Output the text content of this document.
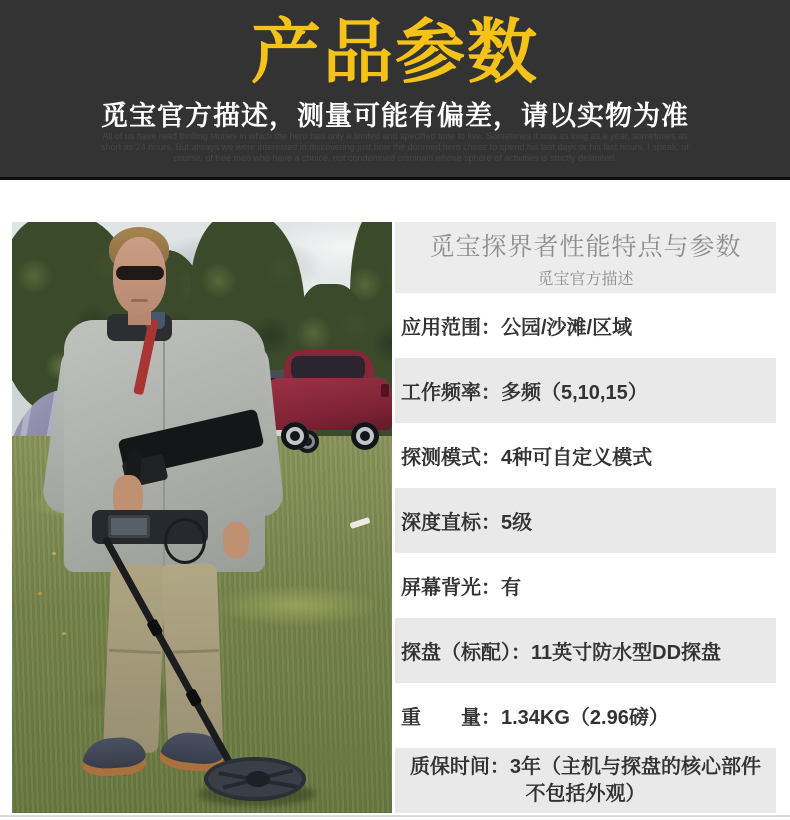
产品参数
觅宝官方描述，测量可能有偏差，请以实物为准
All of us have read thrilling stories in which the hero had only a limited and specified time to live. Sometimes it was as long as a year, sometimes as short as 24 hours. But always we were interested in discovering just how the doomed hero chose to spend his last days or his last hours. I speak, of course, of free men who have a choice, not condemned criminals whose sphere of activities is strictly delimited.
觅宝探界者性能特点与参数
觅宝官方描述
应用范围：公园/沙滩/区域
工作频率：多频（5,10,15）
探测模式：4种可自定义模式
深度直标：5级
屏幕背光：有
探盘（标配）：11英寸防水型DD探盘
重　　量：1.34KG（2.96磅）
质保时间：3年（主机与探盘的核心部件不包括外观）
